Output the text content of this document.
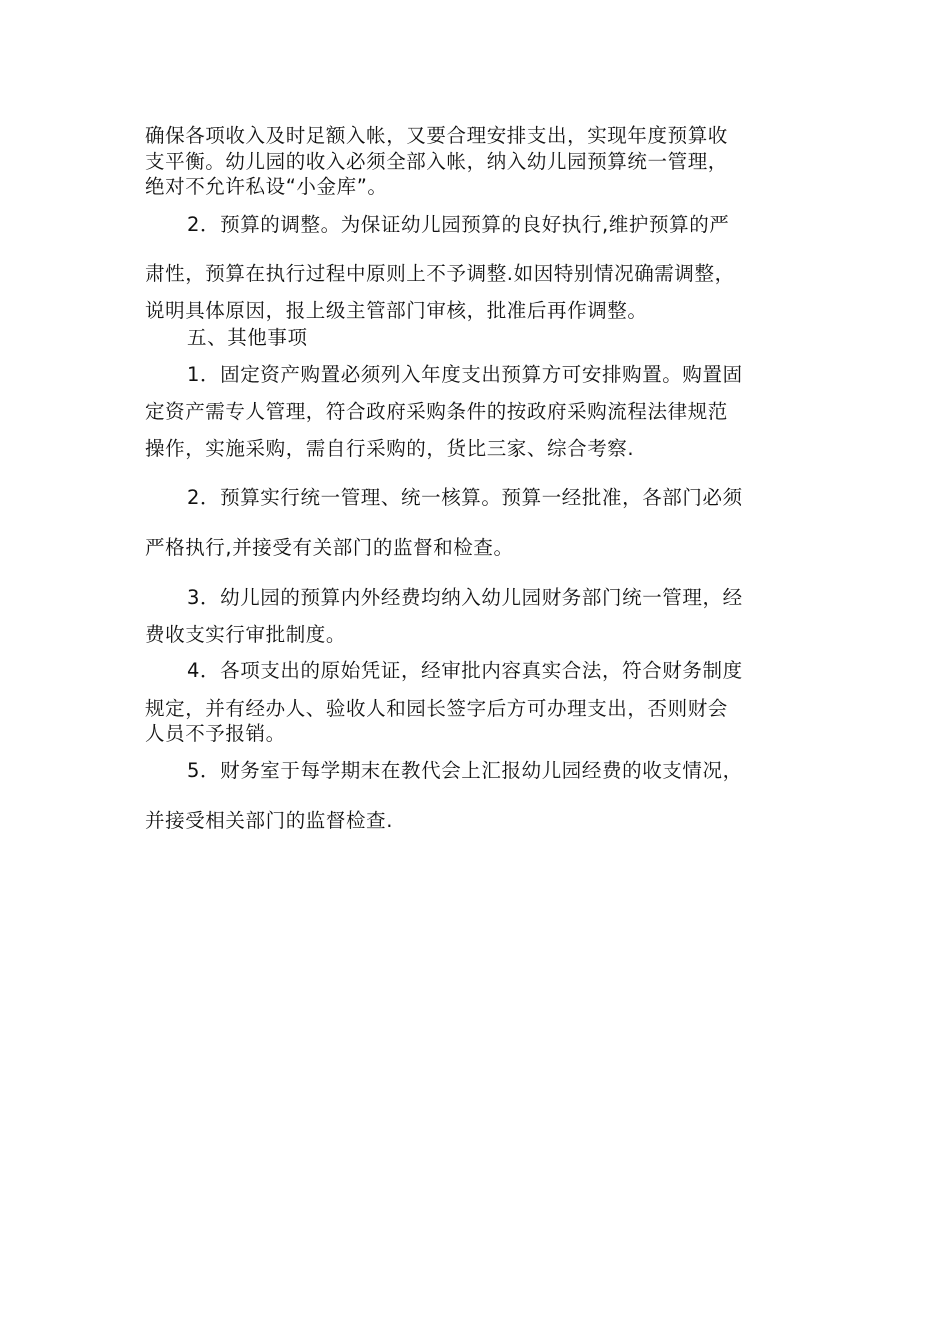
确保各项收入及时足额入帐，又要合理安排支出，实现年度预算收
支平衡。幼儿园的收入必须全部入帐，纳入幼儿园预算统一管理，
绝对不允许私设“小金库”。
2．预算的调整。为保证幼儿园预算的良好执行,维护预算的严
肃性，预算在执行过程中原则上不予调整.如因特别情况确需调整，
说明具体原因，报上级主管部门审核，批准后再作调整。
五、其他事项
1．固定资产购置必须列入年度支出预算方可安排购置。购置固
定资产需专人管理，符合政府采购条件的按政府采购流程法律规范
操作，实施采购，需自行采购的，货比三家、综合考察.
2．预算实行统一管理、统一核算。预算一经批准，各部门必须
严格执行,并接受有关部门的监督和检查。
3．幼儿园的预算内外经费均纳入幼儿园财务部门统一管理，经
费收支实行审批制度。
4．各项支出的原始凭证，经审批内容真实合法，符合财务制度
规定，并有经办人、验收人和园长签字后方可办理支出，否则财会
人员不予报销。
5．财务室于每学期末在教代会上汇报幼儿园经费的收支情况，
并接受相关部门的监督检查.
